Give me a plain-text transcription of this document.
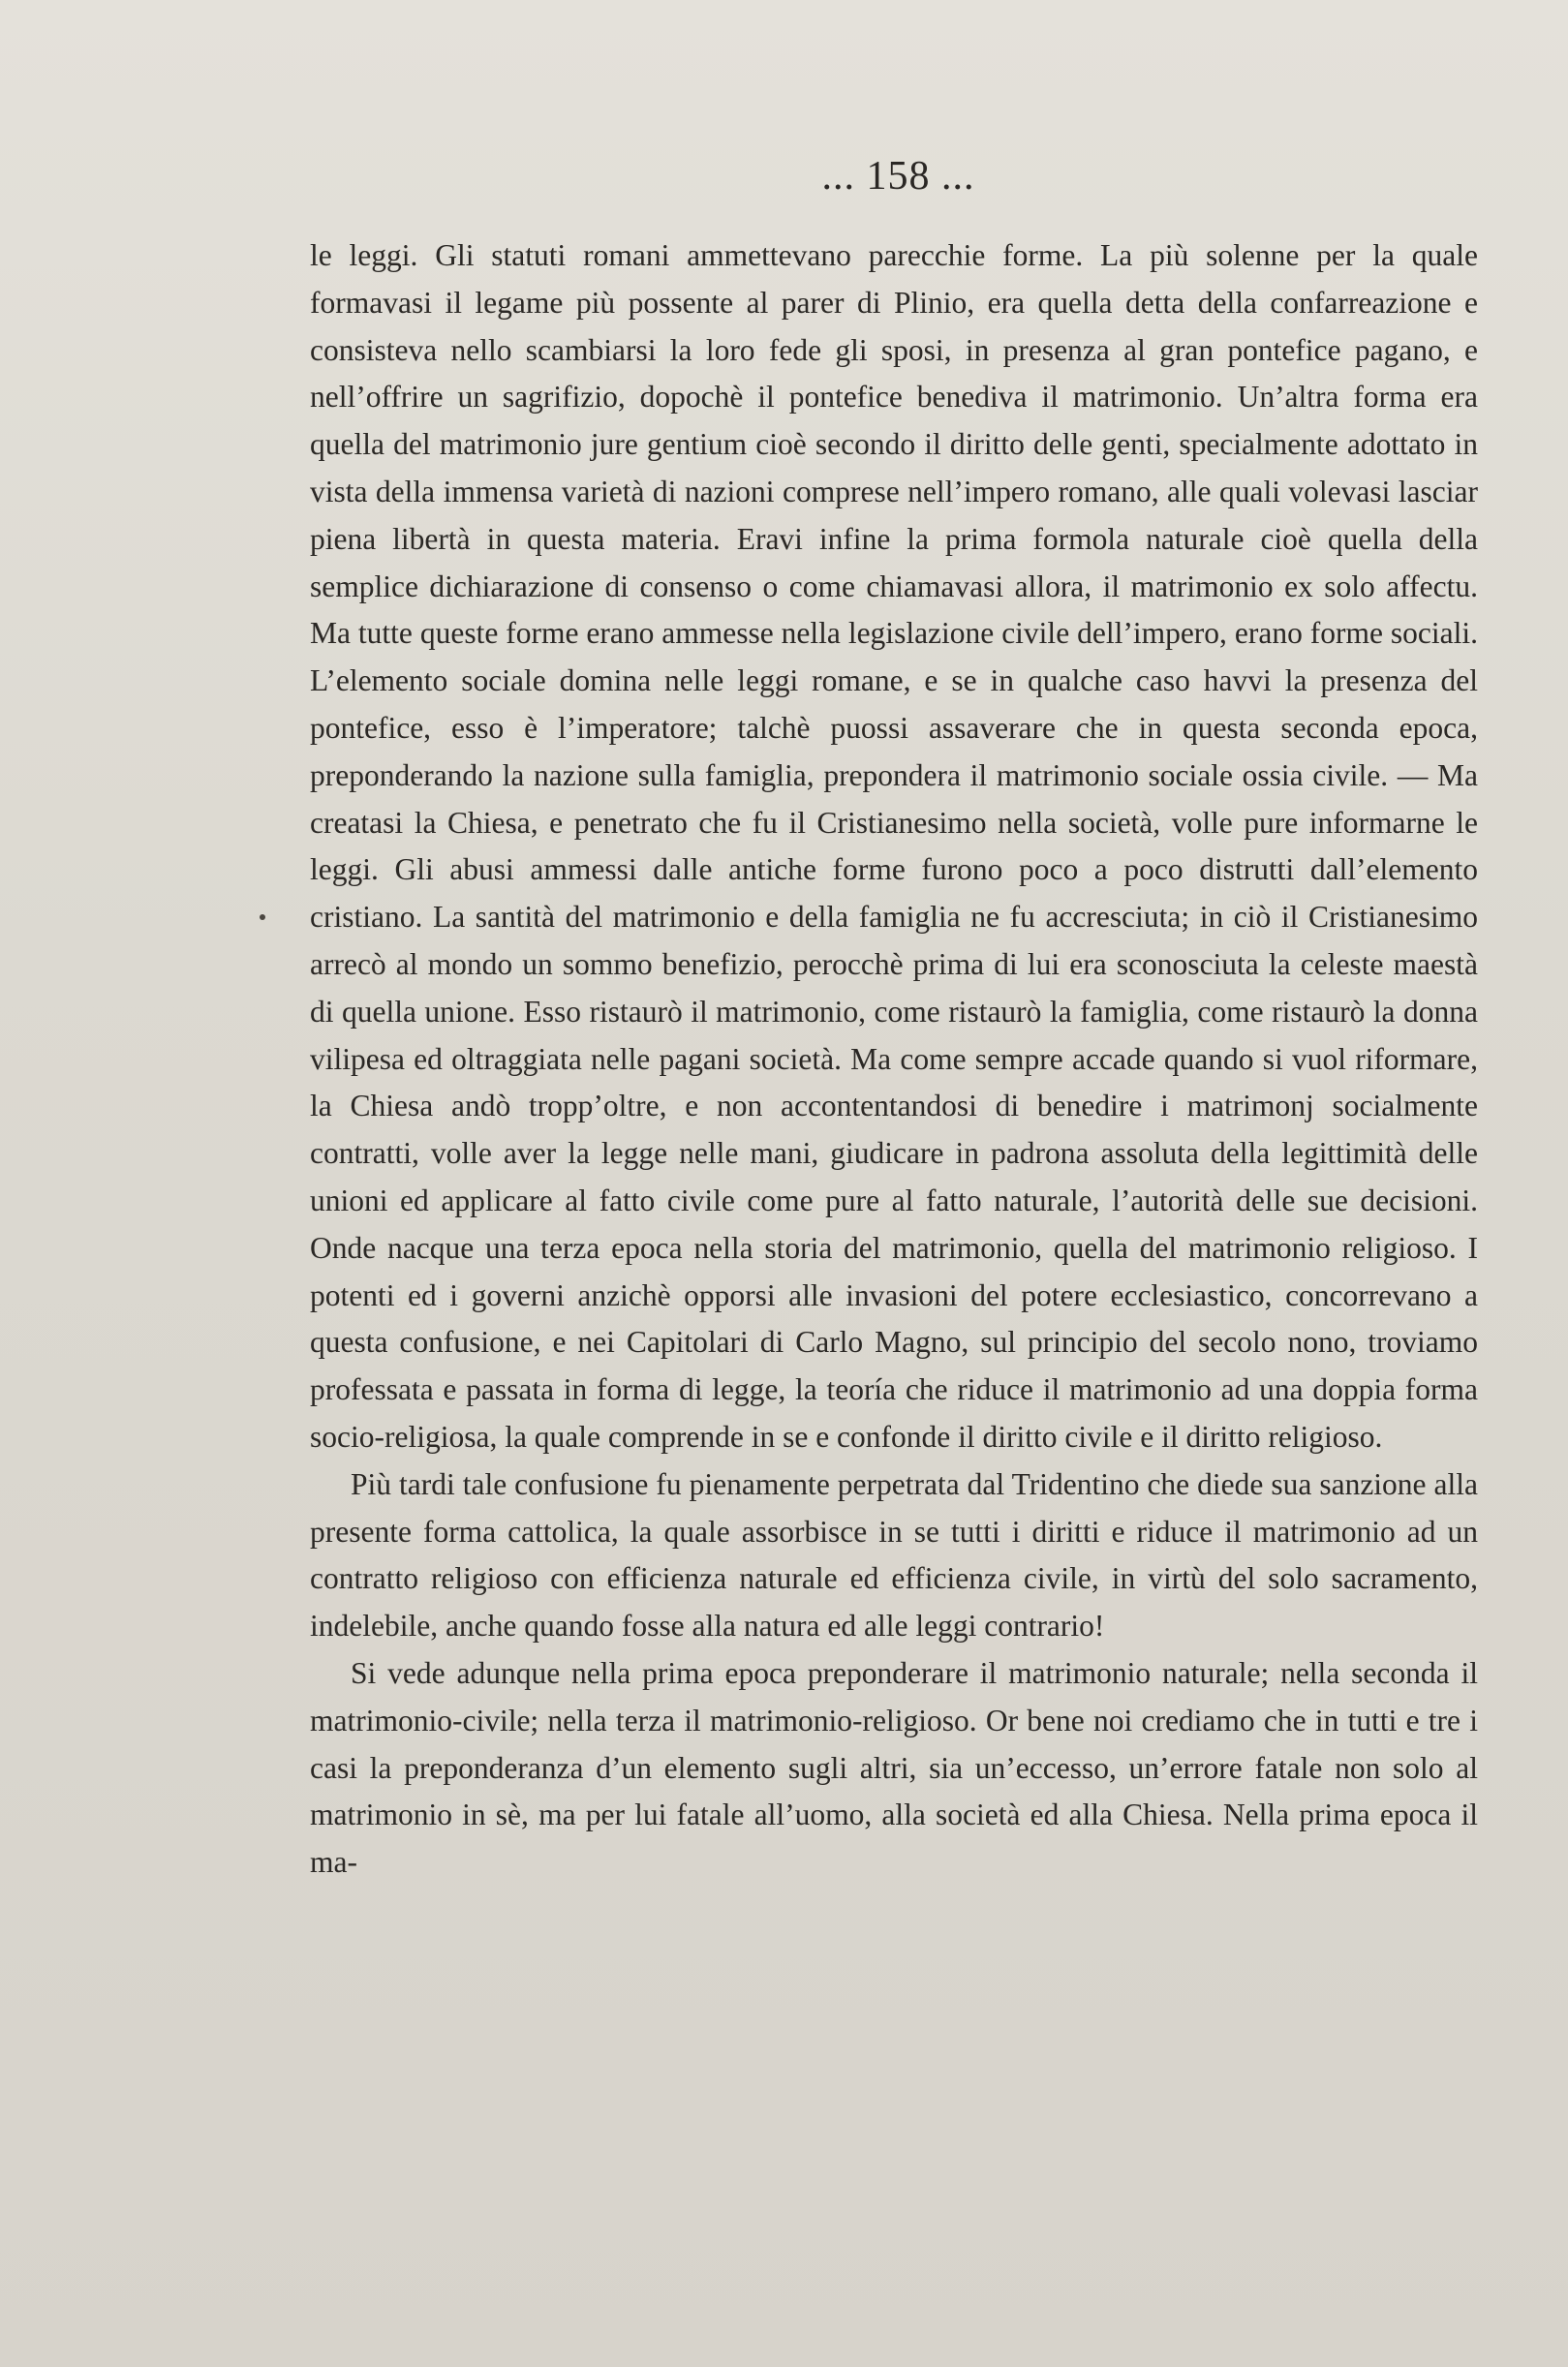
... 158 ...

le leggi. Gli statuti romani ammettevano parecchie forme. La più solenne per la quale formavasi il legame più possente al parer di Plinio, era quella detta della confarreazione e consisteva nello scambiarsi la loro fede gli sposi, in presenza al gran pontefice pagano, e nell’offrire un sagrifizio, dopochè il pontefice benediva il matrimonio. Un’altra forma era quella del matrimonio jure gentium cioè secondo il diritto delle genti, specialmente adottato in vista della immensa varietà di nazioni comprese nell’impero romano, alle quali volevasi lasciar piena libertà in questa materia. Eravi infine la prima formola naturale cioè quella della semplice dichiarazione di consenso o come chiamavasi allora, il matrimonio ex solo affectu. Ma tutte queste forme erano ammesse nella legislazione civile dell’impero, erano forme sociali. L’elemento sociale domina nelle leggi romane, e se in qualche caso havvi la presenza del pontefice, esso è l’imperatore; talchè puossi assaverare che in questa seconda epoca, preponderando la nazione sulla famiglia, prepondera il matrimonio sociale ossia civile. — Ma creatasi la Chiesa, e penetrato che fu il Cristianesimo nella società, volle pure informarne le leggi. Gli abusi ammessi dalle antiche forme furono poco a poco distrutti dall’elemento cristiano. La santità del matrimonio e della famiglia ne fu accresciuta; in ciò il Cristianesimo arrecò al mondo un sommo benefizio, perocchè prima di lui era sconosciuta la celeste maestà di quella unione. Esso ristaurò il matrimonio, come ristaurò la famiglia, come ristaurò la donna vilipesa ed oltraggiata nelle pagani società. Ma come sempre accade quando si vuol riformare, la Chiesa andò tropp’oltre, e non accontentandosi di benedire i matrimonj socialmente contratti, volle aver la legge nelle mani, giudicare in padrona assoluta della legittimità delle unioni ed applicare al fatto civile come pure al fatto naturale, l’autorità delle sue decisioni. Onde nacque una terza epoca nella storia del matrimonio, quella del matrimonio religioso. I potenti ed i governi anzichè opporsi alle invasioni del potere ecclesiastico, concorrevano a questa confusione, e nei Capitolari di Carlo Magno, sul principio del secolo nono, troviamo professata e passata in forma di legge, la teoría che riduce il matrimonio ad una doppia forma socio-religiosa, la quale comprende in se e confonde il diritto civile e il diritto religioso.

Più tardi tale confusione fu pienamente perpetrata dal Tridentino che diede sua sanzione alla presente forma cattolica, la quale assorbisce in se tutti i diritti e riduce il matrimonio ad un contratto religioso con efficienza naturale ed efficienza civile, in virtù del solo sacramento, indelebile, anche quando fosse alla natura ed alle leggi contrario!

Si vede adunque nella prima epoca preponderare il matrimonio naturale; nella seconda il matrimonio-civile; nella terza il matrimonio-religioso. Or bene noi crediamo che in tutti e tre i casi la preponderanza d’un elemento sugli altri, sia un’eccesso, un’errore fatale non solo al matrimonio in sè, ma per lui fatale all’uomo, alla società ed alla Chiesa. Nella prima epoca il ma-
